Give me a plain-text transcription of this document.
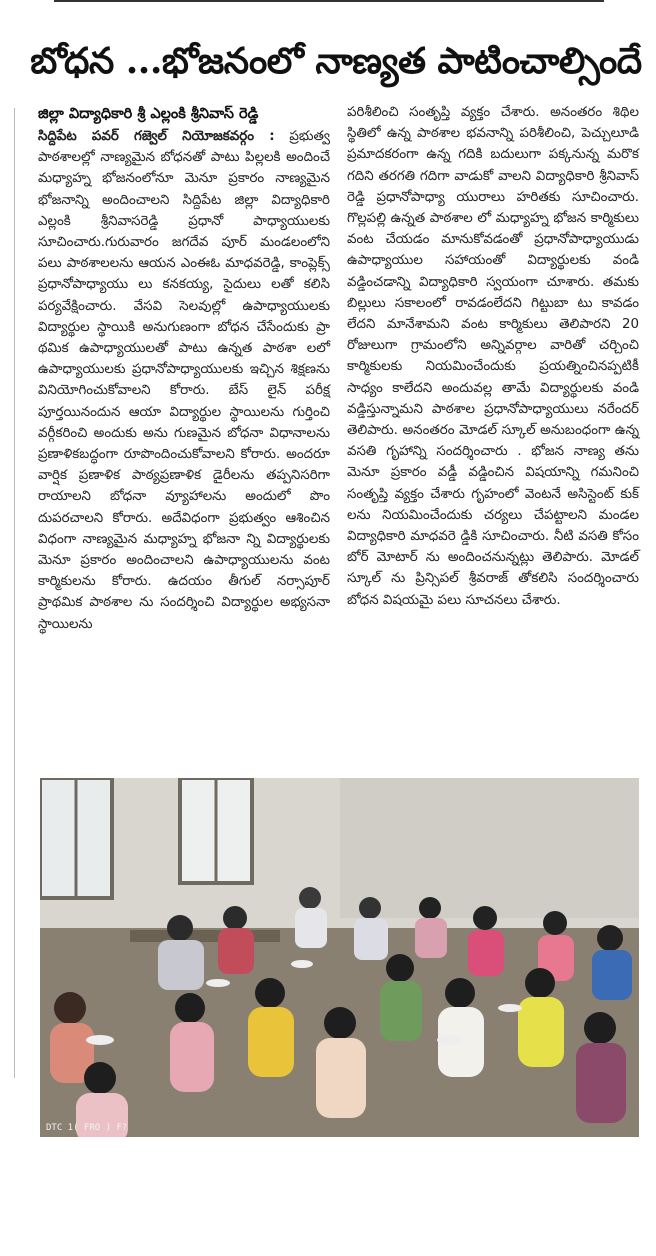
బోధన ...భోజనంలో నాణ్యత పాటించాల్సిందే
జిల్లా విద్యాధికారి శ్రీ ఎల్లంకి శ్రీనివాస్ రెడ్డి

సిద్దిపేట పవర్ గజ్వెల్ నియోజకవర్గం : ప్రభుత్వ పాఠశాలల్లో నాణ్యమైన బోధనతో పాటు పిల్లలకి అందించే మధ్యాహ్న భోజనంలోనూ మెనూ ప్రకారం నాణ్యమైన భోజనాన్ని అందించాలని సిద్దిపేట జిల్లా విద్యాధికారి ఎల్లంకి శ్రీనివాసరెడ్డి ప్రధానో పాధ్యాయులకు సూచించారు.గురువారం జగదేవ పూర్ మండలంలోని పలు పాఠశాలలను ఆయన ఎంఈఓ మాధవరెడ్డి, కాంప్లెక్స్ ప్రధానోపాధ్యాయు లు కనకయ్య, సైదులు లతో కలిసి పర్యవేక్షించారు. వేసవి సెలవుల్లో ఉపాధ్యాయులకు విద్యార్థుల స్థాయికి అనుగుణంగా బోధన చేసేందుకు ప్రా థమిక ఉపాధ్యాయులతో పాటు ఉన్నత పాఠశా లలో ఉపాధ్యాయులకు ప్రధానోపాధ్యాయులకు ఇచ్చిన శిక్షణను వినియోగించుకోవాలని కోరారు. బేస్ లైన్ పరీక్ష పూర్తయినందున ఆయా విద్యార్థుల స్థాయిలను గుర్తించి వర్గీకరించి అందుకు అను గుణమైన బోధనా విధానాలను ప్రణాళికబద్ధంగా రూపొందించుకోవాలని కోరారు. అందరూ వార్షిక ప్రణాళిక పాఠ్యప్రణాళిక డైరీలను తప్పనిసరిగా రాయాలని బోధనా వ్యూహాలను అందులో పొం దుపరచాలని కోరారు. అదేవిధంగా ప్రభుత్వం ఆశించిన విధంగా నాణ్యమైన మధ్యాహ్న భోజనా న్ని విద్యార్థులకు మెనూ ప్రకారం అందించాలని ఉపాధ్యాయులను వంట కార్మికులను కోరారు. ఉదయం తీగుల్ నర్సాపూర్ ప్రాథమిక పాఠశాల ను సందర్శించి విద్యార్థుల అభ్యసనా స్థాయిలను

పరిశీలించి సంతృప్తి వ్యక్తం చేశారు. అనంతరం శిథిల స్థితిలో ఉన్న పాఠశాల భవనాన్ని పరిశీలించి, పెచ్చులూడి ప్రమాదకరంగా ఉన్న గదికి బదులుగా పక్కనున్న మరొక గదిని తరగతి గదిగా వాడుకో వాలని విద్యాధికారి శ్రీనివాస్ రెడ్డి ప్రధానోపాధ్యా యురాలు హరితకు సూచించారు. గొల్లపల్లి ఉన్నత పాఠశాల లో మధ్యాహ్న భోజన కార్మికులు వంట చేయడం మానుకోవడంతో ప్రధానోపాధ్యాయుడు ఉపాధ్యాయుల సహాయంతో విద్యార్థులకు వండి వడ్డించడాన్ని విద్యాధికారి స్వయంగా చూశారు. తమకు బిల్లులు సకాలంలో రావడంలేదని గిట్టుబా టు కావడం లేదని మానేశామని వంట కార్మికులు తెలిపారని 20 రోజులుగా గ్రామంలోని అన్నివర్గాల వారితో చర్చించి కార్మికులకు నియమించేందుకు ప్రయత్నించినప్పటికీ సాధ్యం కాలేదని అందువల్ల తామే విద్యార్థులకు వండి వడ్డిస్తున్నామని పాఠశాల ప్రధానోపాధ్యాయులు నరేందర్ తెలిపారు. అనంతరం మోడల్ స్కూల్ అనుబంధంగా ఉన్న వసతి గృహాన్ని సందర్శించారు . భోజన నాణ్య తను మెనూ ప్రకారం వడ్డీ వడ్డించిన విషయాన్ని గమనించి సంతృప్తి వ్యక్తం చేశారు గృహంలో వెంటనే అసిస్టెంట్ కుక్ లను నియమించేందుకు చర్యలు చేపట్టాలని మండల విద్యాధికారి మాధవరె డ్డికి సూచించారు. నీటి వసతి కోసం బోర్ మోటార్ ను అందించనున్నట్లు తెలిపారు. మోడల్ స్కూల్ ను ప్రిన్సిపల్ శ్రీవరాజ్ తోకలిసి సందర్శించారు బోధన విషయమై పలు సూచనలు చేశారు.

DTC 1( FRO ) F?
